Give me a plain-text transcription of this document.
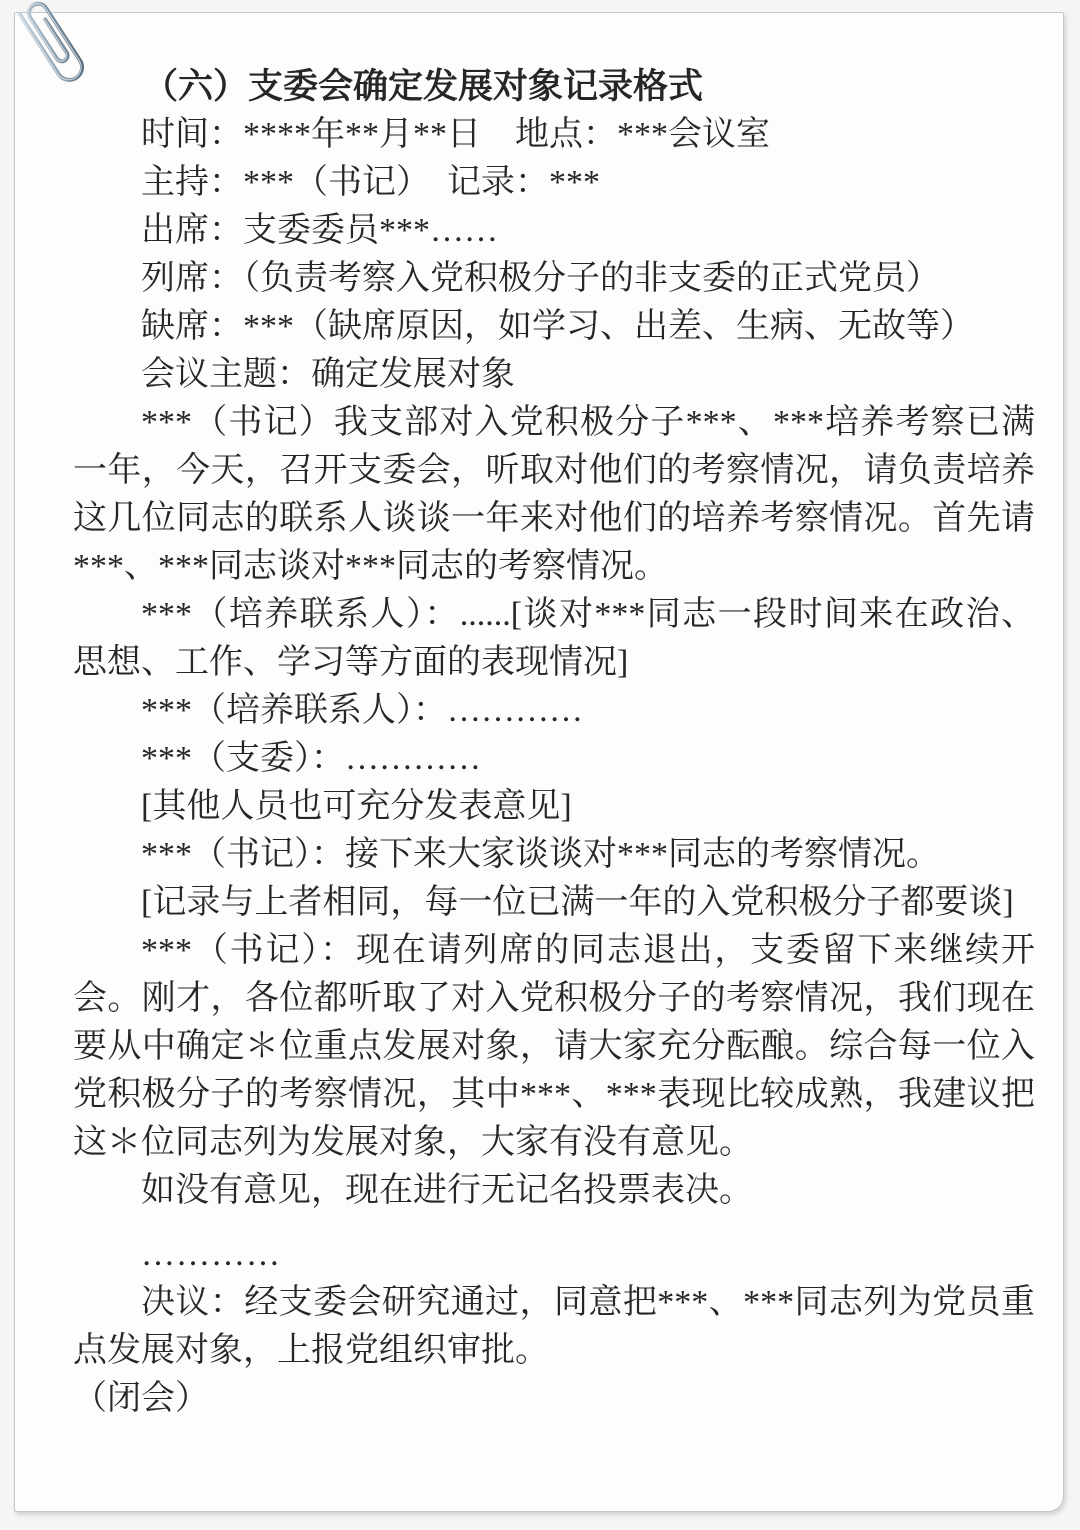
（六）支委会确定发展对象记录格式

时间：****年**月**日　地点：***会议室

主持：***（书记）　记录：***

出席：支委委员***……

列席：（负责考察入党积极分子的非支委的正式党员）

缺席：***（缺席原因，如学习、出差、生病、无故等）

会议主题：确定发展对象

***（书记）我支部对入党积极分子***、***培养考察已满一年，今天，召开支委会，听取对他们的考察情况，请负责培养这几位同志的联系人谈谈一年来对他们的培养考察情况。首先请***、***同志谈对***同志的考察情况。

***（培养联系人）：......[谈对***同志一段时间来在政治、思想、工作、学习等方面的表现情况]

***（培养联系人）：…………

***（支委）：…………

[其他人员也可充分发表意见]

***（书记）：接下来大家谈谈对***同志的考察情况。

[记录与上者相同，每一位已满一年的入党积极分子都要谈]

***（书记）：现在请列席的同志退出，支委留下来继续开会。刚才，各位都听取了对入党积极分子的考察情况，我们现在要从中确定＊位重点发展对象，请大家充分酝酿。综合每一位入党积极分子的考察情况，其中***、***表现比较成熟，我建议把这＊位同志列为发展对象，大家有没有意见。

如没有意见，现在进行无记名投票表决。

…………

决议：经支委会研究通过，同意把***、***同志列为党员重点发展对象，上报党组织审批。

（闭会）
